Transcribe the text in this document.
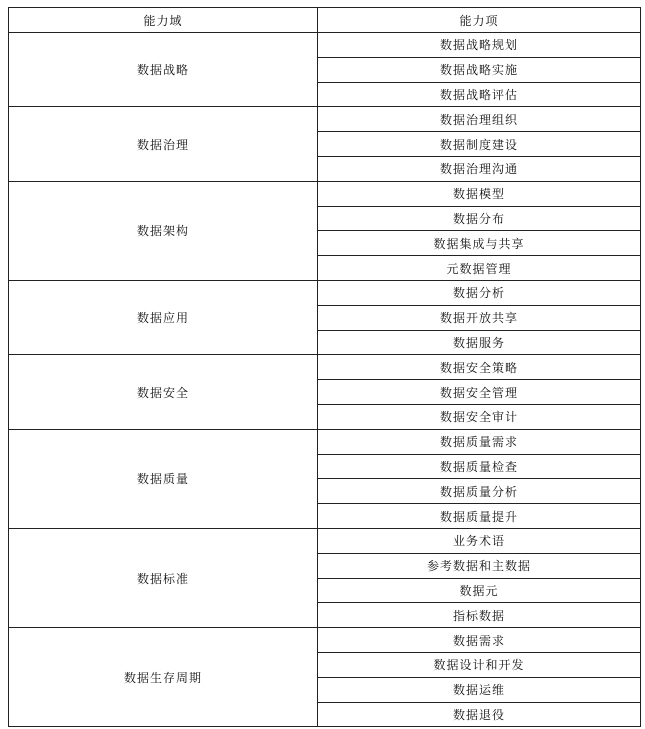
能力域	能力项
数据战略	数据战略规划
	数据战略实施
	数据战略评估
数据治理	数据治理组织
	数据制度建设
	数据治理沟通
数据架构	数据模型
	数据分布
	数据集成与共享
	元数据管理
数据应用	数据分析
	数据开放共享
	数据服务
数据安全	数据安全策略
	数据安全管理
	数据安全审计
数据质量	数据质量需求
	数据质量检查
	数据质量分析
	数据质量提升
数据标准	业务术语
	参考数据和主数据
	数据元
	指标数据
数据生存周期	数据需求
	数据设计和开发
	数据运维
	数据退役
